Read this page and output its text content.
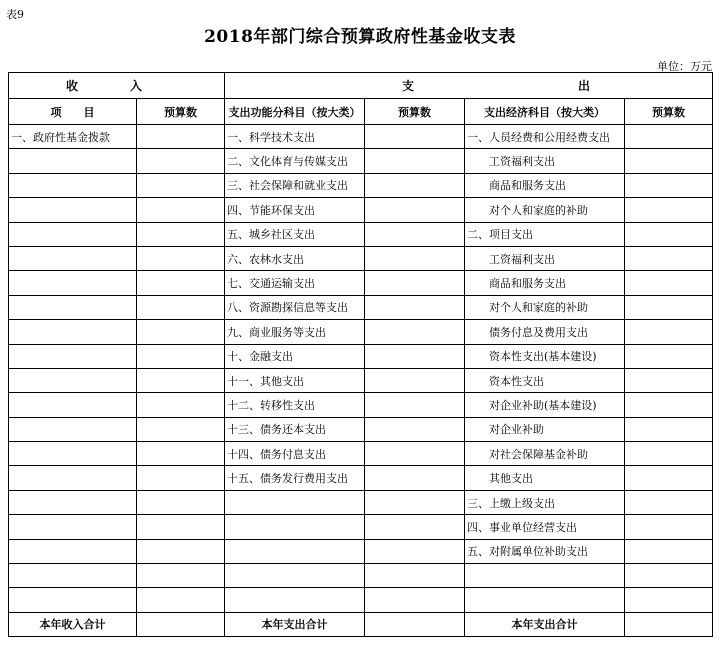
表9
2018年部门综合预算政府性基金收支表
单位：万元
收 入		支 出			

项　　目	预算数	支出功能分科目（按大类）	预算数	支出经济科目（按大类）	预算数
一、政府性基金拨款		一、科学技术支出		一、人员经费和公用经费支出	
		二、文化体育与传媒支出		工资福利支出	
		三、社会保障和就业支出		商品和服务支出	
		四、节能环保支出		对个人和家庭的补助	
		五、城乡社区支出		二、项目支出	
		六、农林水支出		工资福利支出	
		七、交通运输支出		商品和服务支出	
		八、资源勘探信息等支出		对个人和家庭的补助	
		九、商业服务等支出		债务付息及费用支出	
		十、金融支出		资本性支出(基本建设)	
		十一、其他支出		资本性支出	
		十二、转移性支出		对企业补助(基本建设)	
		十三、债务还本支出		对企业补助	
		十四、债务付息支出		对社会保障基金补助	
		十五、债务发行费用支出		其他支出	
				三、上缴上级支出	
				四、事业单位经营支出	
				五、对附属单位补助支出	

本年收入合计		本年支出合计		本年支出合计	
